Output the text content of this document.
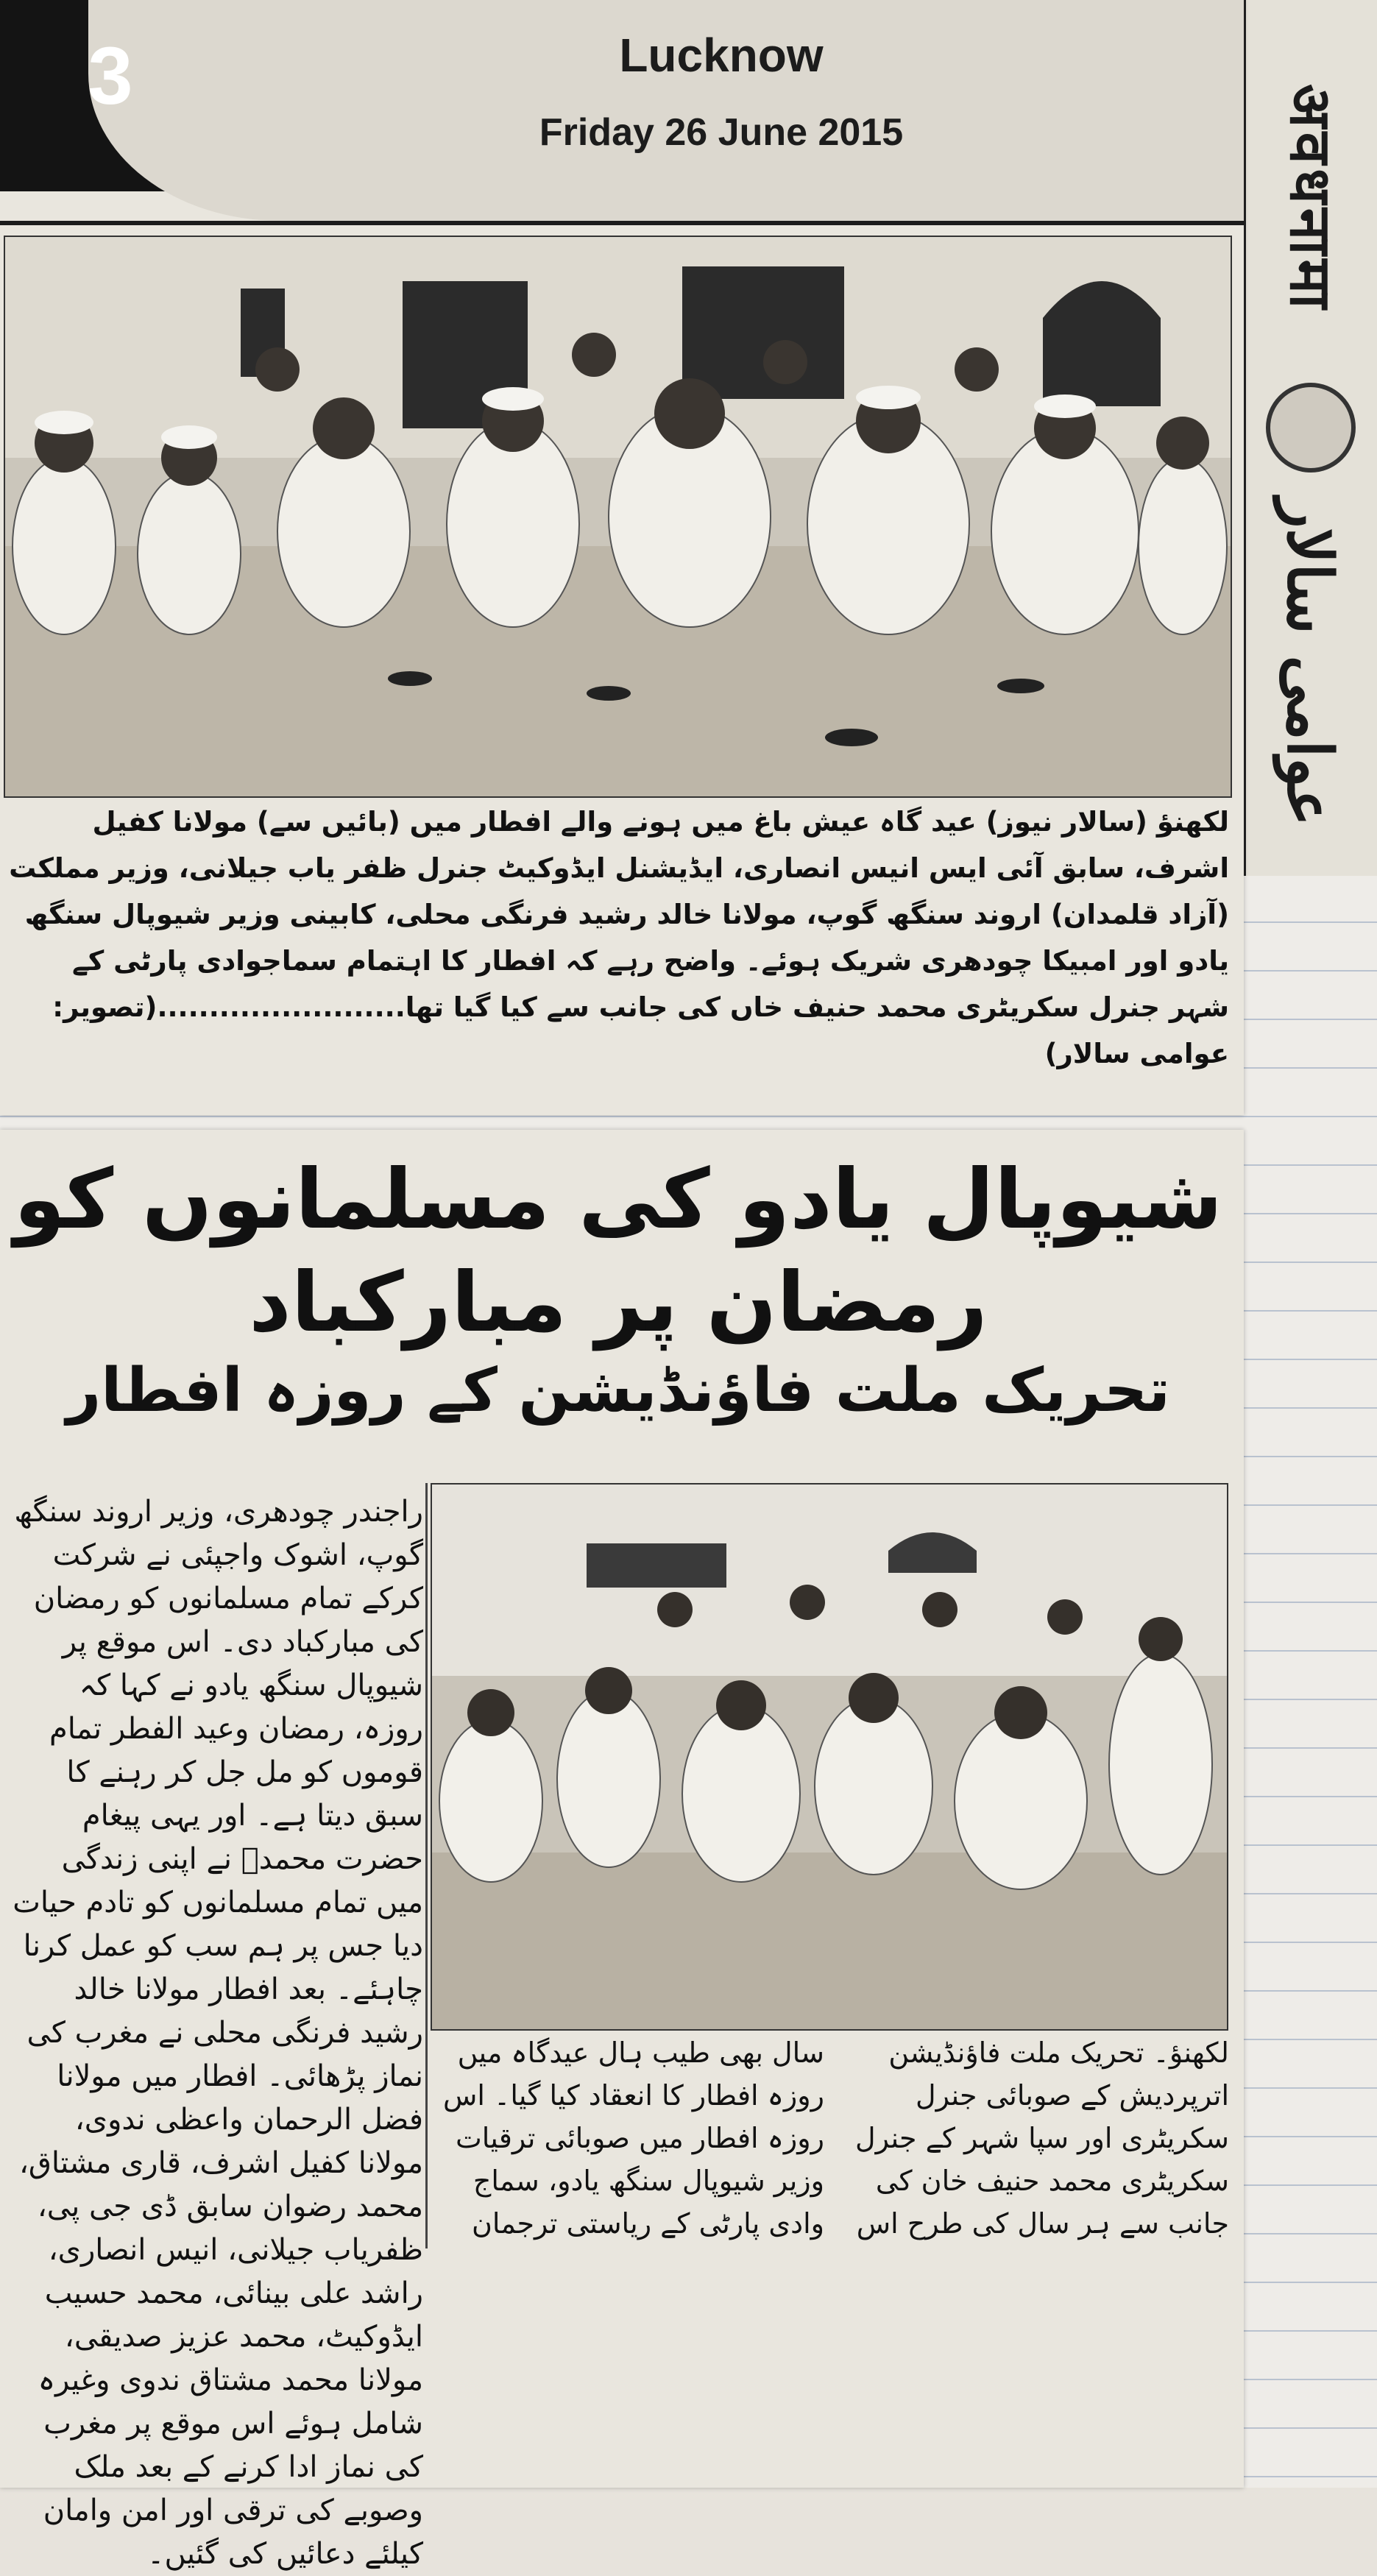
अवधनामा
عوامی سالار
3	Lucknow
Friday 26 June 2015
لکھنؤ (سالار نیوز) عید گاہ عیش باغ میں ہونے والے افطار میں (بائیں سے) مولانا کفیل اشرف، سابق آئی ایس انیس انصاری، ایڈیشنل ایڈوکیٹ جنرل ظفر یاب جیلانی، وزیر مملکت (آزاد قلمدان) اروند سنگھ گوپ، مولانا خالد رشید فرنگی محلی، کابینی وزیر شیوپال سنگھ یادو اور امبیکا چودھری شریک ہوئے۔ واضح رہے کہ افطار کا اہتمام سماجوادی پارٹی کے شہر جنرل سکریٹری محمد حنیف خاں کی جانب سے کیا گیا تھا........................(تصویر: عوامی سالار)
شیوپال یادو کی مسلمانوں کو رمضان پر مبارکباد
تحریک ملت فاؤنڈیشن کے روزہ افطار
راجندر چودھری، وزیر اروند سنگھ گوپ، اشوک واجپئی نے شرکت کرکے تمام مسلمانوں کو رمضان کی مبارکباد دی۔ اس موقع پر شیوپال سنگھ یادو نے کہا کہ روزہ، رمضان وعید الفطر تمام قوموں کو مل جل کر رہنے کا سبق دیتا ہے۔ اور یہی پیغام حضرت محمدؐ نے اپنی زندگی میں تمام مسلمانوں کو تادم حیات دیا جس پر ہم سب کو عمل کرنا چاہئے۔ بعد افطار مولانا خالد رشید فرنگی محلی نے مغرب کی نماز پڑھائی۔ افطار میں مولانا فضل الرحمان واعظی ندوی، مولانا کفیل اشرف، قاری مشتاق، محمد رضوان سابق ڈی جی پی، ظفریاب جیلانی، انیس انصاری، راشد علی بینائی، محمد حسیب ایڈوکیٹ، محمد عزیز صدیقی، مولانا محمد مشتاق ندوی وغیرہ شامل ہوئے اس موقع پر مغرب کی نماز ادا کرنے کے بعد ملک وصوبے کی ترقی اور امن وامان کیلئے دعائیں کی گئیں۔
لکھنؤ۔ تحریک ملت فاؤنڈیشن اترپردیش کے صوبائی جنرل سکریٹری اور سپا شہر کے جنرل سکریٹری محمد حنیف خان کی جانب سے ہر سال کی طرح اس
سال بھی طیب ہال عیدگاہ میں روزہ افطار کا انعقاد کیا گیا۔ اس روزہ افطار میں صوبائی ترقیات وزیر شیوپال سنگھ یادو، سماج وادی پارٹی کے ریاستی ترجمان
